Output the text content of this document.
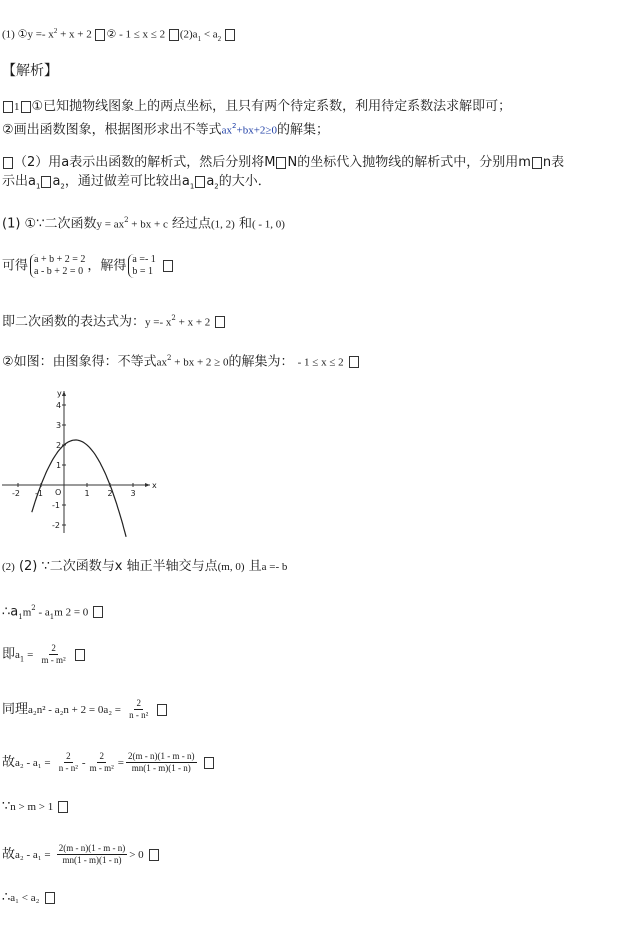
(1) ①y =- $x^2 + x + 2$ ② - 1 ≤ x ≤ 2 $(2)a_1 < a_2$
【解析】
1 ①已知抛物线图象上的两点坐标，且只有两个待定系数，利用待定系数法求解即可；
②画出函数图象，根据图形求出不等式$ax^2+bx+2\ge 0$的解集；
（2）用a表示出函数的解析式，然后分别将M N的坐标代入抛物线的解析式中，分别用m n表
示出$a_1$ $a_2$，通过做差可比较出$a_1$ $a_2$的大小．
(1) ①∵二次函数$y = ax^2$ + bx + c 经过点(1, 2) 和( - 1, 0)
可得 a + b + 2 = 2
a - b + 2 = 0 ，解得 a =- 1
b = 1

即二次函数的表达式为：$y =- x^2 + x + 2$
②如图：由图象得：不等式$ax^2$ + bx + 2 ≥ 0的解集为： - 1 ≤ x ≤ 2
x
y
O
-2 -1	1 2 3
4
3
2
1
-1
-2
(2) (2) ∵二次函数与x 轴正半轴交与点(m, 0) 且a =- b
$\therefore a_1m^2 - a_1m$ 2 = 0
即$a_1 = \frac{2}{\text{m - m²}}$

同理$a_2n^2 - a_2n + 2 = 0a_2 = \frac{2}{\text{n - n²}}$

故$a_2 - a_1 = \frac{2}{\text{n - n²}} - \frac{2}{\text{m - m²}} = \frac{2(m - n)(1 - m - n)}{mn(1 - m)(1 - n)}$

∵n > m > 1
故$a_2 - a_1 = \frac{2(m - n)(1 - m - n)}{mn(1 - m)(1 - n)} > 0$
∴a₁ < a₂
